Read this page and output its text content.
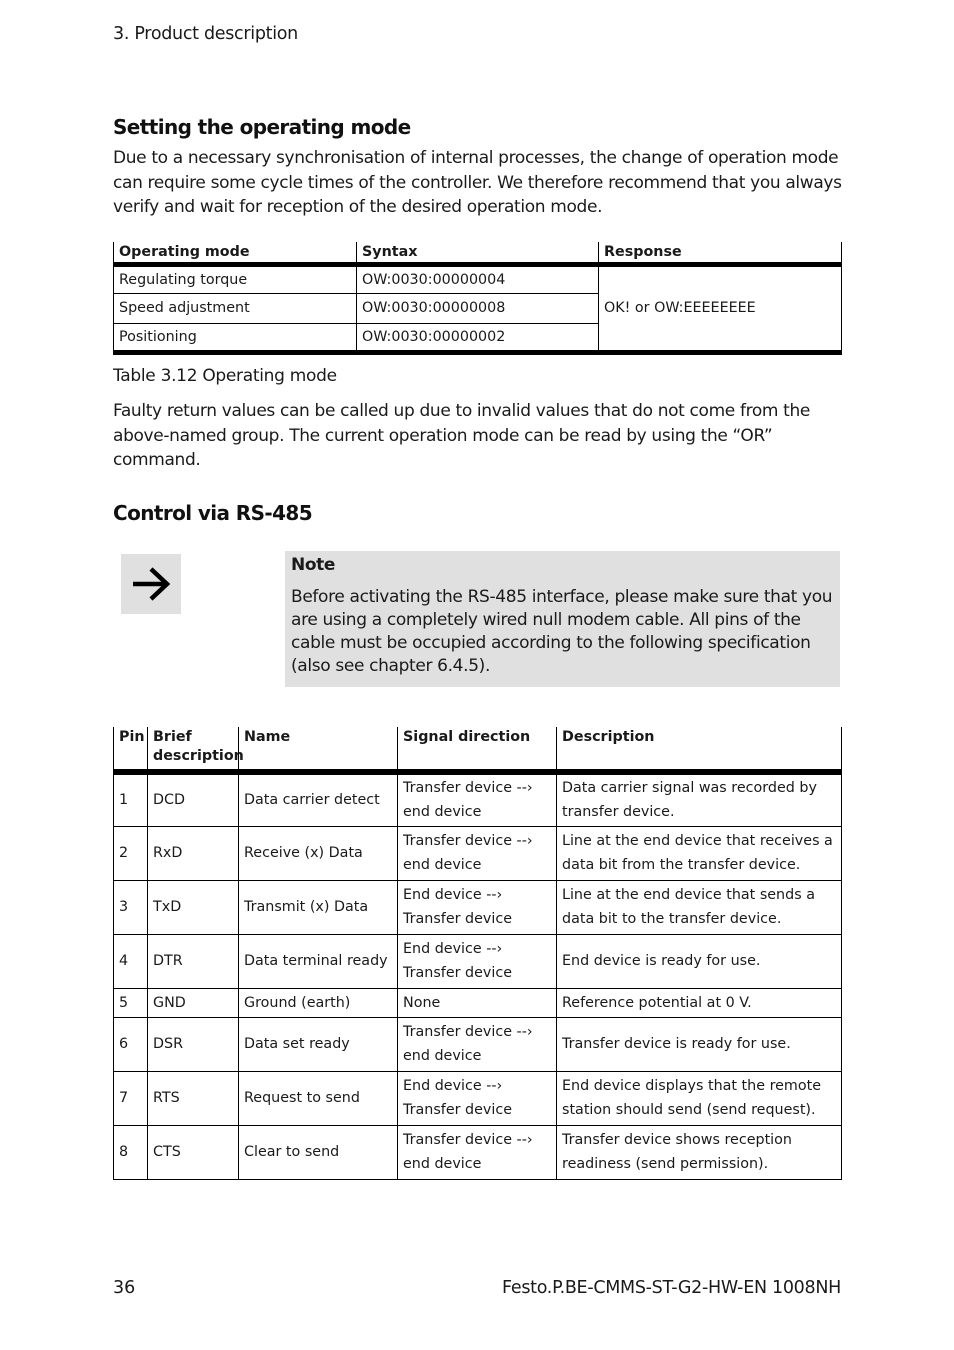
3. Product description
Setting the operating mode

Due to a necessary synchronisation of internal processes, the change of operation mode can require some cycle times of the controller. We therefore recommend that you always verify and wait for reception of the desired operation mode.

Operating mode	Syntax	Response
Regulating torque	OW:0030:00000004	OK! or OW:EEEEEEEE
Speed adjustment	OW:0030:00000008	
Positioning	OW:0030:00000002	
Table 3.12 Operating mode

Faulty return values can be called up due to invalid values that do not come from the above-named group. The current operation mode can be read by using the “OR” command.

Control via RS-485
Note
Before activating the RS-485 interface, please make sure that you are using a completely wired null modem cable. All pins of the cable must be occupied according to the following specification (also see chapter 6.4.5).
Pin	Brief description	Name	Signal direction	Description
1	DCD	Data carrier detect	Transfer device --› end device	Data carrier signal was recorded by transfer device.
2	RxD	Receive (x) Data	Transfer device --› end device	Line at the end device that receives a data bit from the transfer device.
3	TxD	Transmit (x) Data	End device --› Transfer device	Line at the end device that sends a data bit to the transfer device.
4	DTR	Data terminal ready	End device --› Transfer device	End device is ready for use.
5	GND	Ground (earth)	None	Reference potential at 0 V.
6	DSR	Data set ready	Transfer device --› end device	Transfer device is ready for use.
7	RTS	Request to send	End device --› Transfer device	End device displays that the remote station should send (send request).
8	CTS	Clear to send	Transfer device --› end device	Transfer device shows reception readiness (send permission).
36	Festo.P.BE-CMMS-ST-G2-HW-EN 1008NH
